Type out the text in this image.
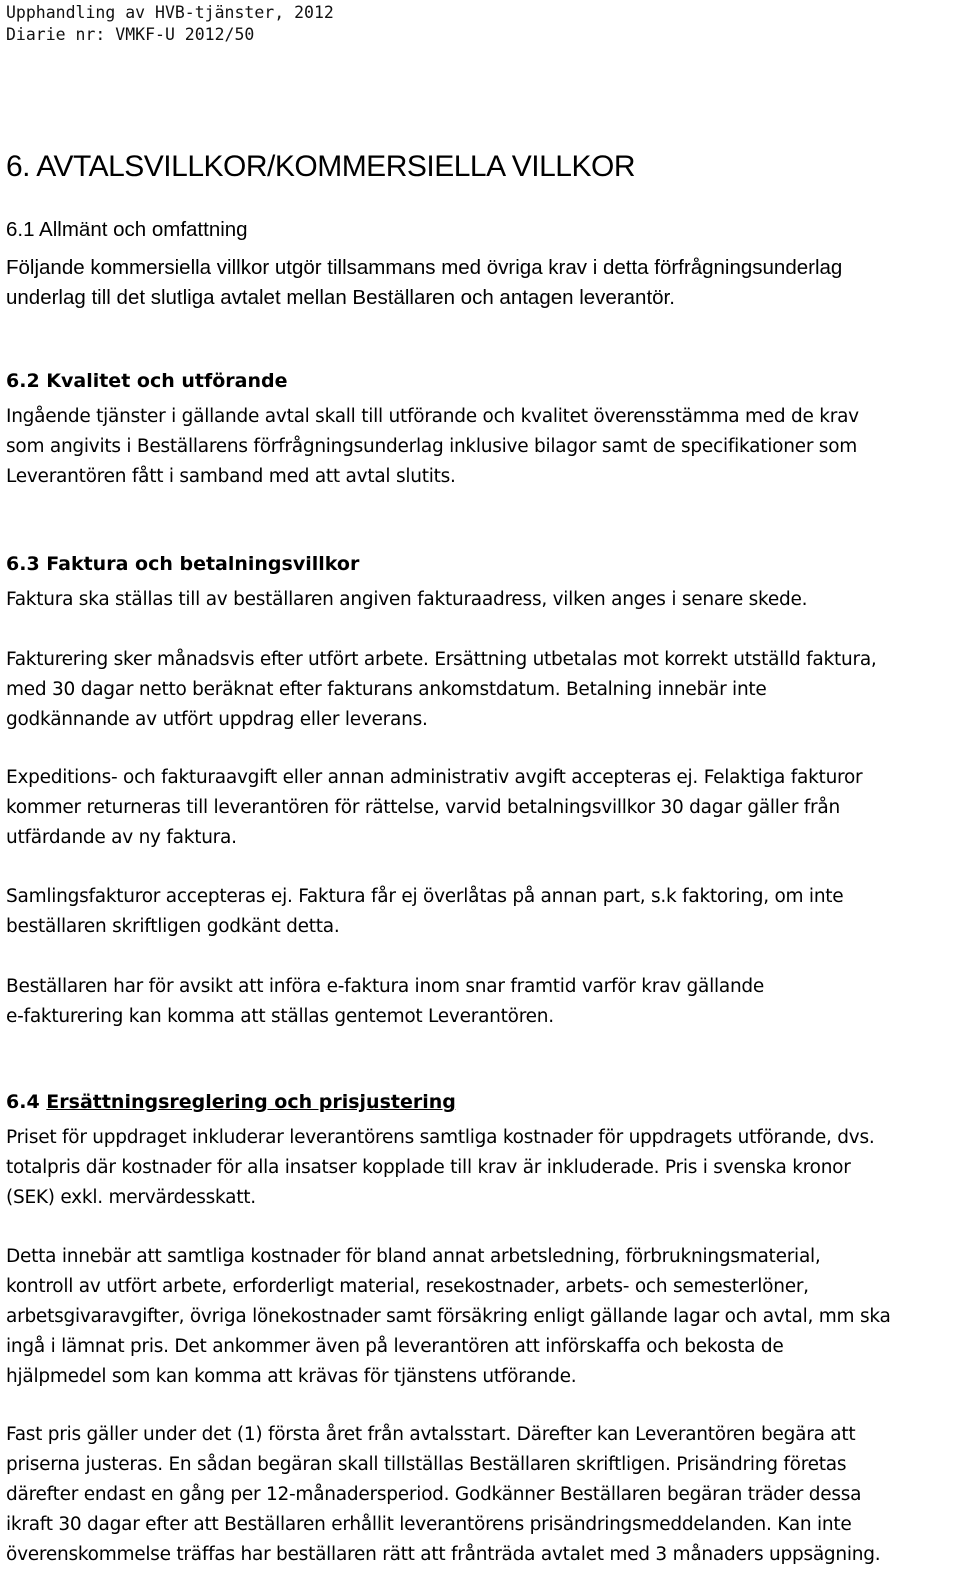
Upphandling av HVB-tjänster, 2012
Diarie nr: VMKF-U 2012/50
6. AVTALSVILLKOR/KOMMERSIELLA VILLKOR
6.1 Allmänt och omfattning
Följande kommersiella villkor utgör tillsammans med övriga krav i detta förfrågningsunderlag
underlag till det slutliga avtalet mellan Beställaren och antagen leverantör.
6.2 Kvalitet och utförande
Ingående tjänster i gällande avtal skall till utförande och kvalitet överensstämma med de krav
som angivits i Beställarens förfrågningsunderlag inklusive bilagor samt de specifikationer som
Leverantören fått i samband med att avtal slutits.
6.3 Faktura och betalningsvillkor
Faktura ska ställas till av beställaren angiven fakturaadress, vilken anges i senare skede.
Fakturering sker månadsvis efter utfört arbete. Ersättning utbetalas mot korrekt utställd faktura,
med 30 dagar netto beräknat efter fakturans ankomstdatum. Betalning innebär inte
godkännande av utfört uppdrag eller leverans.
Expeditions- och fakturaavgift eller annan administrativ avgift accepteras ej. Felaktiga fakturor
kommer returneras till leverantören för rättelse, varvid betalningsvillkor 30 dagar gäller från
utfärdande av ny faktura.
Samlingsfakturor accepteras ej. Faktura får ej överlåtas på annan part, s.k faktoring, om inte
beställaren skriftligen godkänt detta.
Beställaren har för avsikt att införa e-faktura inom snar framtid varför krav gällande
e-fakturering kan komma att ställas gentemot Leverantören.
6.4 Ersättningsreglering och prisjustering
Priset för uppdraget inkluderar leverantörens samtliga kostnader för uppdragets utförande, dvs.
totalpris där kostnader för alla insatser kopplade till krav är inkluderade. Pris i svenska kronor
(SEK) exkl. mervärdesskatt.
Detta innebär att samtliga kostnader för bland annat arbetsledning, förbrukningsmaterial,
kontroll av utfört arbete, erforderligt material, resekostnader, arbets- och semesterlöner,
arbetsgivaravgifter, övriga lönekostnader samt försäkring enligt gällande lagar och avtal, mm ska
ingå i lämnat pris. Det ankommer även på leverantören att införskaffa och bekosta de
hjälpmedel som kan komma att krävas för tjänstens utförande.
Fast pris gäller under det (1) första året från avtalsstart. Därefter kan Leverantören begära att
priserna justeras. En sådan begäran skall tillställas Beställaren skriftligen. Prisändring företas
därefter endast en gång per 12-månadersperiod. Godkänner Beställaren begäran träder dessa
ikraft 30 dagar efter att Beställaren erhållit leverantörens prisändringsmeddelanden. Kan inte
överenskommelse träffas har beställaren rätt att frånträda avtalet med 3 månaders uppsägning.
